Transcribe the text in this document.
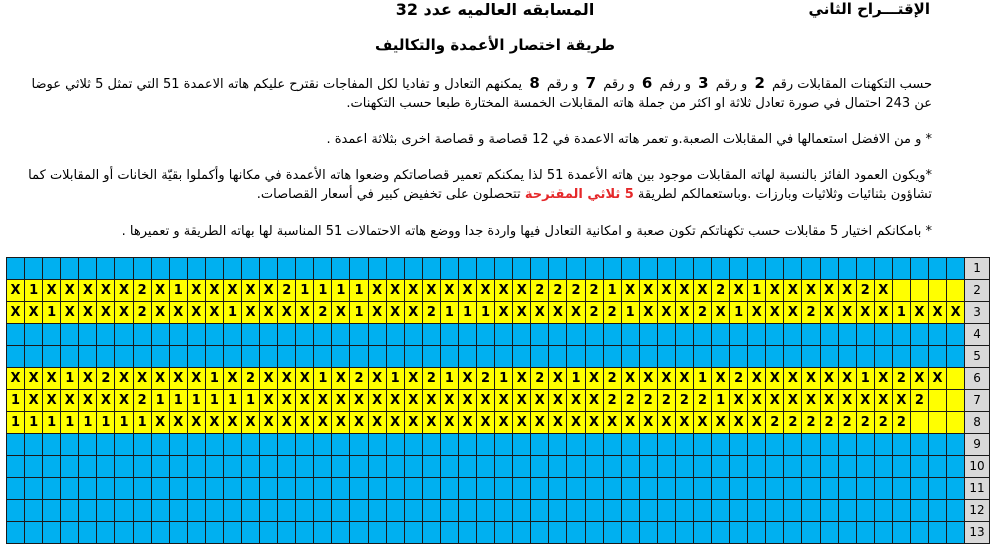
الإقتـــراح الثاني
المسابقه العالميه عدد 32
طريقة اختصار الأعمدة والتكاليف
حسب التكهنات المقابلات رقم 2 و رقم 3 و رفم 6 و رقم 7 و رقم 8 يمكنهم التعادل و تفاديا لكل المفاجات نقترح عليكم هاته الاعمدة 51 التي تمثل 5 ثلاثي عوضا عن 243 احتمال في صورة تعادل ثلاثة او اكثر من جملة هاته المقابلات الخمسة المختارة طبعا حسب التكهنات.
* و من الافضل استعمالها في المقابلات الصعبة.و تعمر هاته الاعمدة في 12 قصاصة و قصاصة اخرى بثلاثة اعمدة .
*ويكون العمود الفائز بالنسبة لهاته المقابلات موجود بين هاته الأعمدة 51 لذا يمكنكم تعمير قصاصاتكم وضعوا هاته الأعمدة في مكانها وأكملوا بقيّة الخانات أو المقابلات كما تشاؤون بثنائيات وثلاثيات وبارزات .وباستعمالكم لطريقة 5 ثلاثي المقترحة تتحصلون على تخفيض كبير في أسعار القصاصات.
* بامكانكم اختيار 5 مقابلات حسب تكهناتكم تكون صعبة و امكانية التعادل فيها واردة جدا ووضع هاته الاحتمالات 51 المناسبة لها بهاته الطريقة و تعميرها .
																																																					1
X	1	X	X	X	X	X	2	X	1	X	X	X	X	X	2	1	1	1	1	X	X	X	X	X	X	X	X	X	2	2	2	2	1	X	X	X	X	X	2	X	1	X	X	X	X	X	2	X					2
X	X	1	X	X	X	X	2	X	X	X	X	1	X	X	X	X	2	X	1	X	X	X	2	1	1	1	X	X	X	X	X	2	2	1	X	X	X	2	X	1	X	X	X	2	X	X	X	X	1	X	X	X	3
																																																					4
																																																					5
X	X	X	1	X	2	X	X	X	X	X	1	X	2	X	X	X	1	X	2	X	1	X	2	1	X	2	1	X	2	X	1	X	2	X	X	X	X	1	X	2	X	X	X	X	X	X	1	X	2	X	X		6
1	X	X	X	X	X	X	2	1	1	1	1	1	1	X	X	X	X	X	X	X	X	X	X	X	X	X	X	X	X	X	X	X	2	2	2	2	2	2	1	X	X	X	X	X	X	X	X	X	X	2			7
1	1	1	1	1	1	1	1	X	X	X	X	X	X	X	X	X	X	X	X	X	X	X	X	X	X	X	X	X	X	X	X	X	X	X	X	X	X	X	X	X	X	2	2	2	2	2	2	2	2				8
																																																					9
																																																					10
																																																					11
																																																					12
																																																					13
